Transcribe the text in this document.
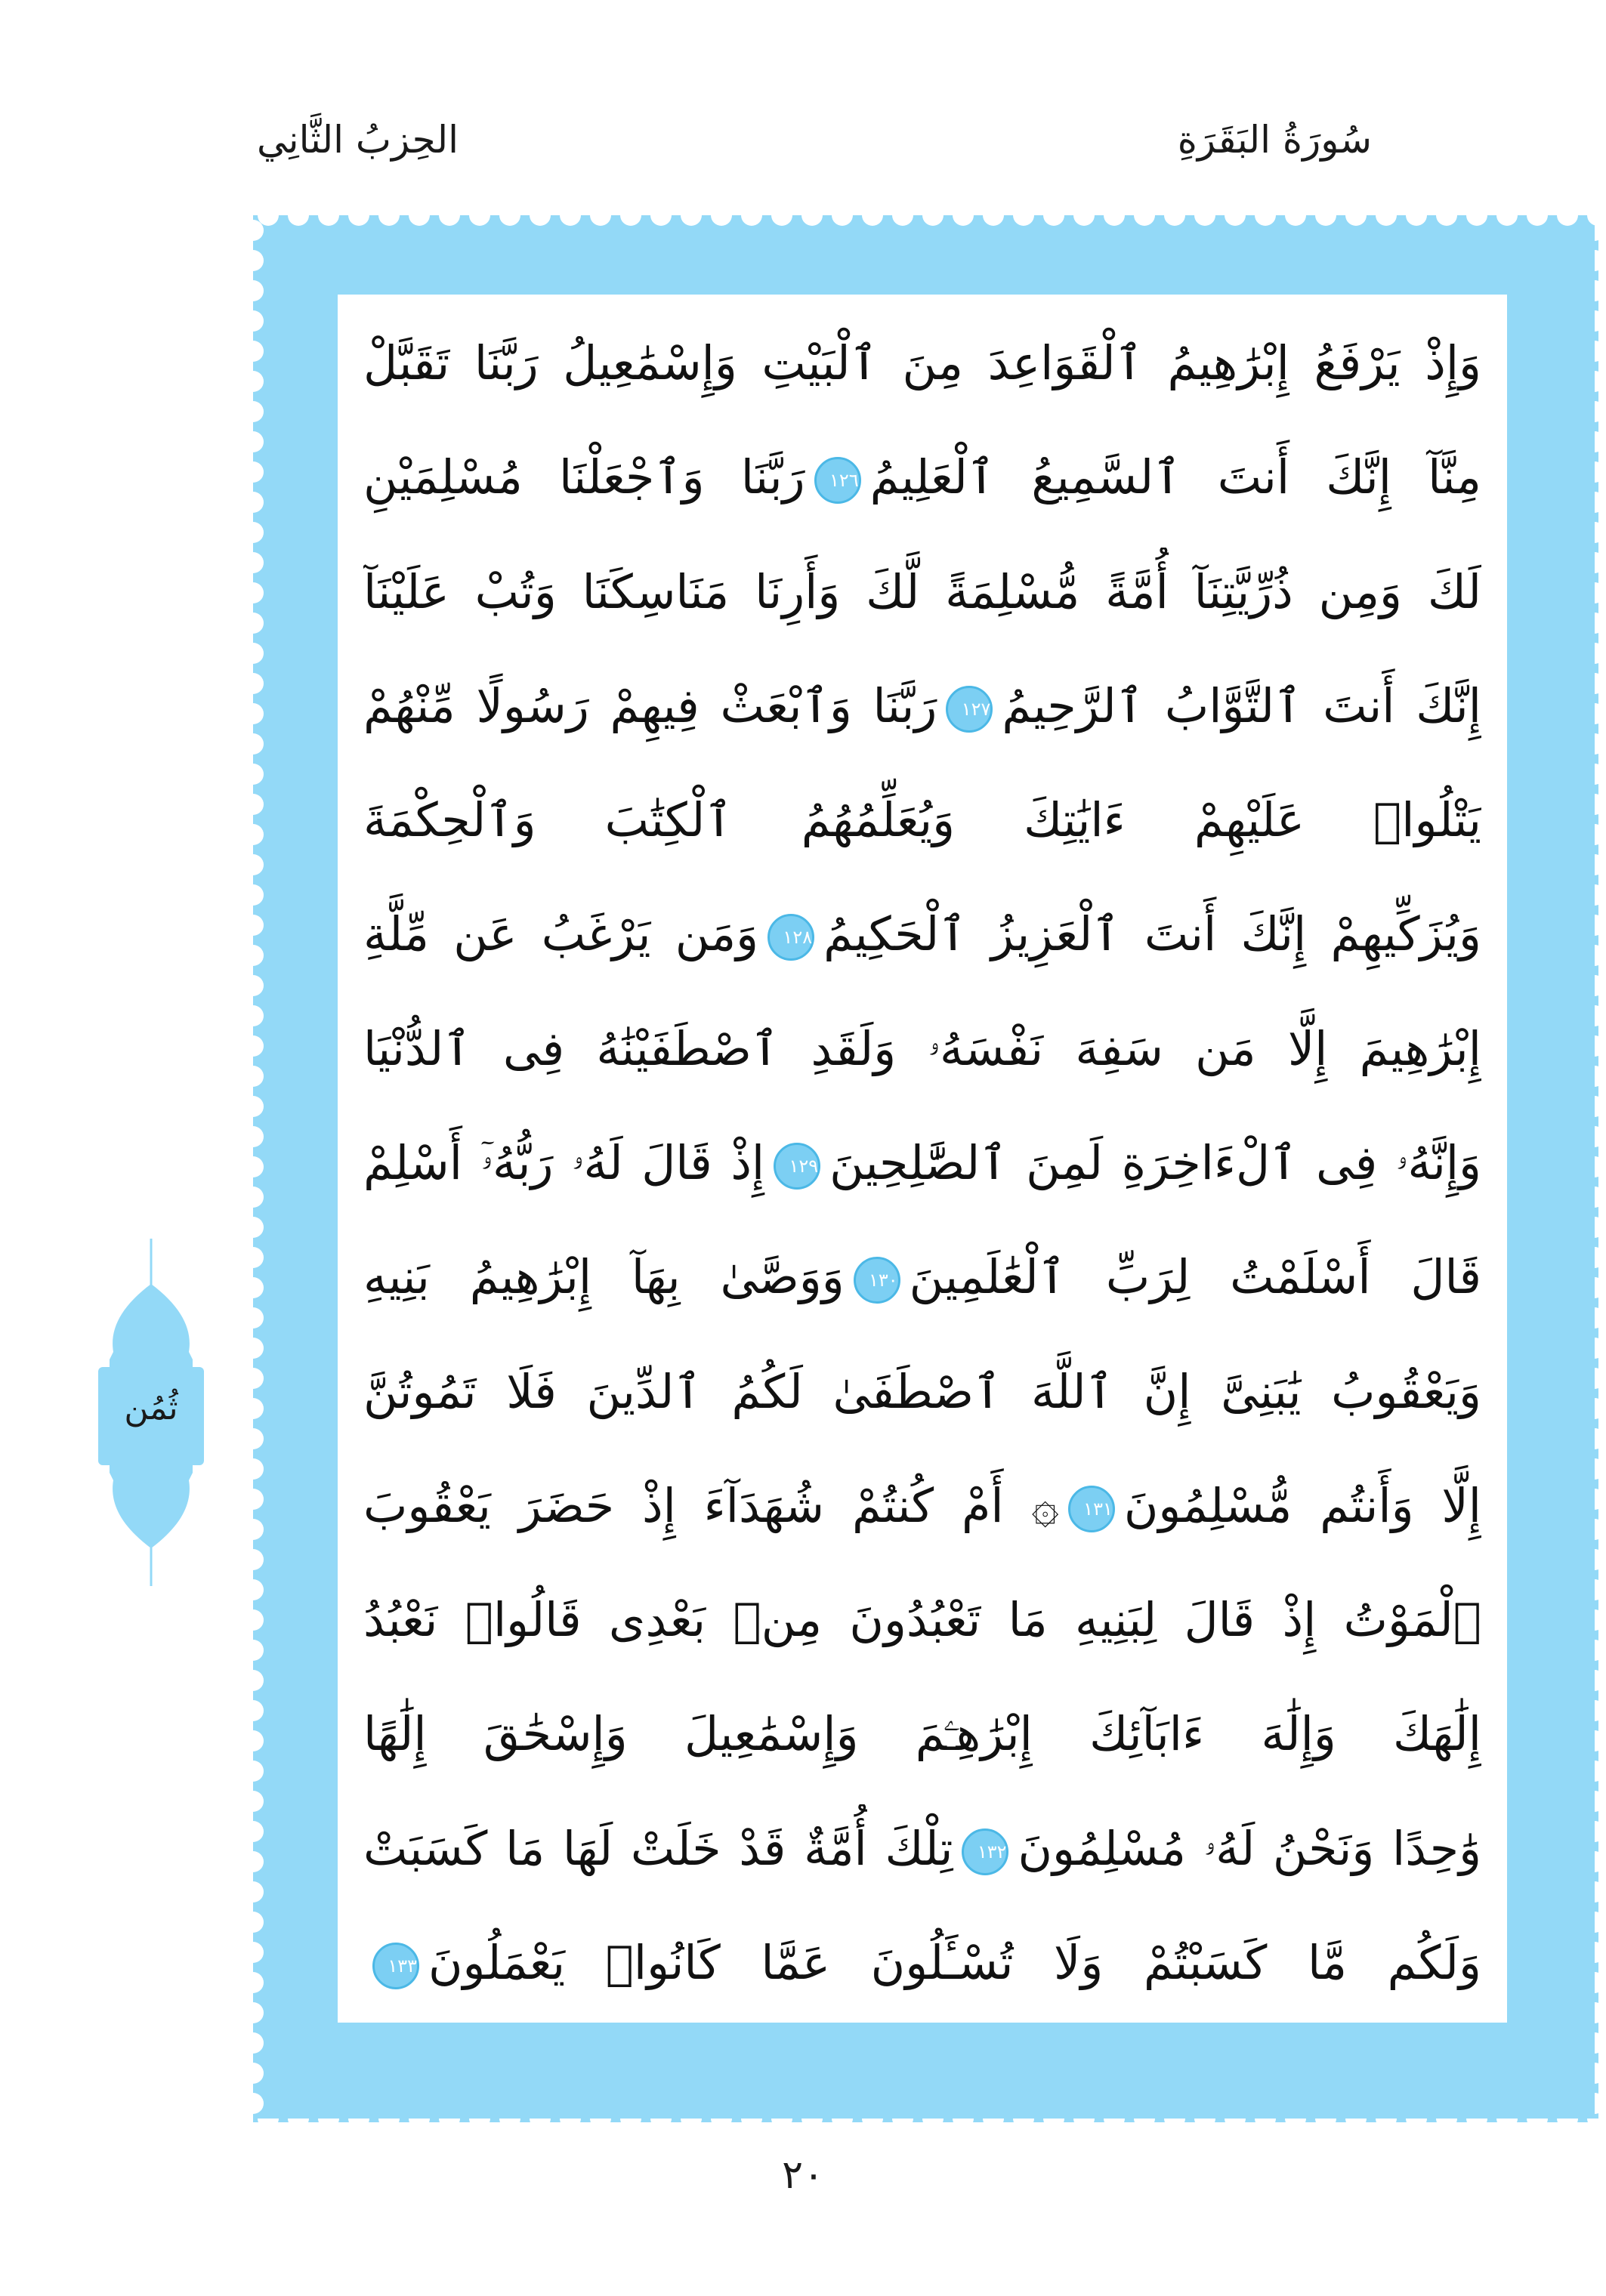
سُورَةُ البَقَرَةِ
الحِزبُ الثَّانِي
وَإِذْ يَرْفَعُ إِبْرَٰهِيمُ ٱلْقَوَاعِدَ مِنَ ٱلْبَيْتِ وَإِسْمَٰعِيلُ رَبَّنَا تَقَبَّلْ
مِنَّآ إِنَّكَ أَنتَ ٱلسَّمِيعُ ٱلْعَلِيمُ١٢٦رَبَّنَا وَٱجْعَلْنَا مُسْلِمَيْنِ
لَكَ وَمِن ذُرِّيَّتِنَآ أُمَّةً مُّسْلِمَةً لَّكَ وَأَرِنَا مَنَاسِكَنَا وَتُبْ عَلَيْنَآ
إِنَّكَ أَنتَ ٱلتَّوَّابُ ٱلرَّحِيمُ١٢٧رَبَّنَا وَٱبْعَثْ فِيهِمْ رَسُولًا مِّنْهُمْ
يَتْلُوا۟ عَلَيْهِمْ ءَايَٰتِكَ وَيُعَلِّمُهُمُ ٱلْكِتَٰبَ وَٱلْحِكْمَةَ
وَيُزَكِّيهِمْ إِنَّكَ أَنتَ ٱلْعَزِيزُ ٱلْحَكِيمُ١٢٨وَمَن يَرْغَبُ عَن مِّلَّةِ
إِبْرَٰهِيمَ إِلَّا مَن سَفِهَ نَفْسَهُۥ وَلَقَدِ ٱصْطَفَيْنَٰهُ فِى ٱلدُّنْيَا
وَإِنَّهُۥ فِى ٱلْءَاخِرَةِ لَمِنَ ٱلصَّٰلِحِينَ١٢٩إِذْ قَالَ لَهُۥ رَبُّهُۥٓ أَسْلِمْ
قَالَ أَسْلَمْتُ لِرَبِّ ٱلْعَٰلَمِينَ١٣٠وَوَصَّىٰ بِهَآ إِبْرَٰهِيمُ بَنِيهِ
وَيَعْقُوبُ يَٰبَنِىَّ إِنَّ ٱللَّهَ ٱصْطَفَىٰ لَكُمُ ٱلدِّينَ فَلَا تَمُوتُنَّ
إِلَّا وَأَنتُم مُّسْلِمُونَ١٣١۞ أَمْ كُنتُمْ شُهَدَآءَ إِذْ حَضَرَ يَعْقُوبَ
ٱلْمَوْتُ إِذْ قَالَ لِبَنِيهِ مَا تَعْبُدُونَ مِنۢ بَعْدِى قَالُوا۟ نَعْبُدُ
إِلَٰهَكَ وَإِلَٰهَ ءَابَآئِكَ إِبْرَٰهِـۧمَ وَإِسْمَٰعِيلَ وَإِسْحَٰقَ إِلَٰهًا
وَٰحِدًا وَنَحْنُ لَهُۥ مُسْلِمُونَ١٣٢تِلْكَ أُمَّةٌ قَدْ خَلَتْ لَهَا مَا كَسَبَتْ
وَلَكُم مَّا كَسَبْتُمْ وَلَا تُسْـَٔلُونَ عَمَّا كَانُوا۟ يَعْمَلُونَ١٣٣
ثُمُن
٢٠
